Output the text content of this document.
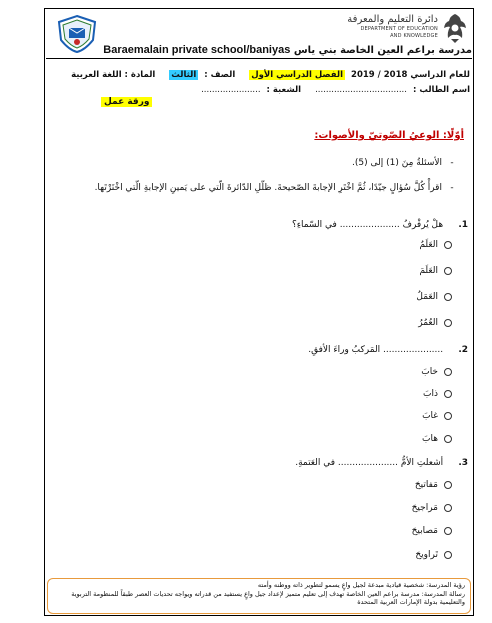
دائرة التعليم والمعرفة
DEPARTMENT OF EDUCATION
AND KNOWLEDGE
مدرسة براعم العين الخاصة بني ياس Baraemalain private school/baniyas
للعام الدراسي 2018 / 2019
الفصل الدراسي الأول
الصف :
الثالث
المادة : اللغة العربية
اسم الطالب :
..................................
الشعبة :
......................
ورقة عمل
أوّلًا: الوعيُ الصّوتيّ والأصوات:
-الأسئلةُ مِنَ (1) إلى (5).
-اقرأْ كُلَّ سُؤالٍ جيّدًا، ثُمَّ اخْتَرِ الإجابةَ الصّحيحةَ. ظلّلِ الدّائرةَ الّتي على يَمينِ الإجابةِ الّتي اخْتَرْتَها.
1. هلْ يُرفْرفُ ..................... في السّماءِ؟
العَلَمُ
العَلَمَ
العَمَلُ
العُمُرُ
2. ..................... المَركبُ وراءَ الأفقِ.
خابَ
ذابَ
غابَ
هابَ
3. أشعلتِ الأمُّ ..................... في العَتمةِ.
مَفاتيحَ
مَراجيحَ
مَصابيحَ
تَراويحَ
رؤية المدرسة: شخصية قيادية مبدعة لجيل واعٍ يسمو لتطوير ذاته ووطنه وأمته
رسالة المدرسة: مدرسة براعم العين الخاصة تهدف إلى تعليم متميز لإعداد جيل واعٍ يستفيد من قدراته ويواجه تحديات العصر طبقاً للمنظومة التربوية والتعليمية بدولة الإمارات العربية المتحدة
